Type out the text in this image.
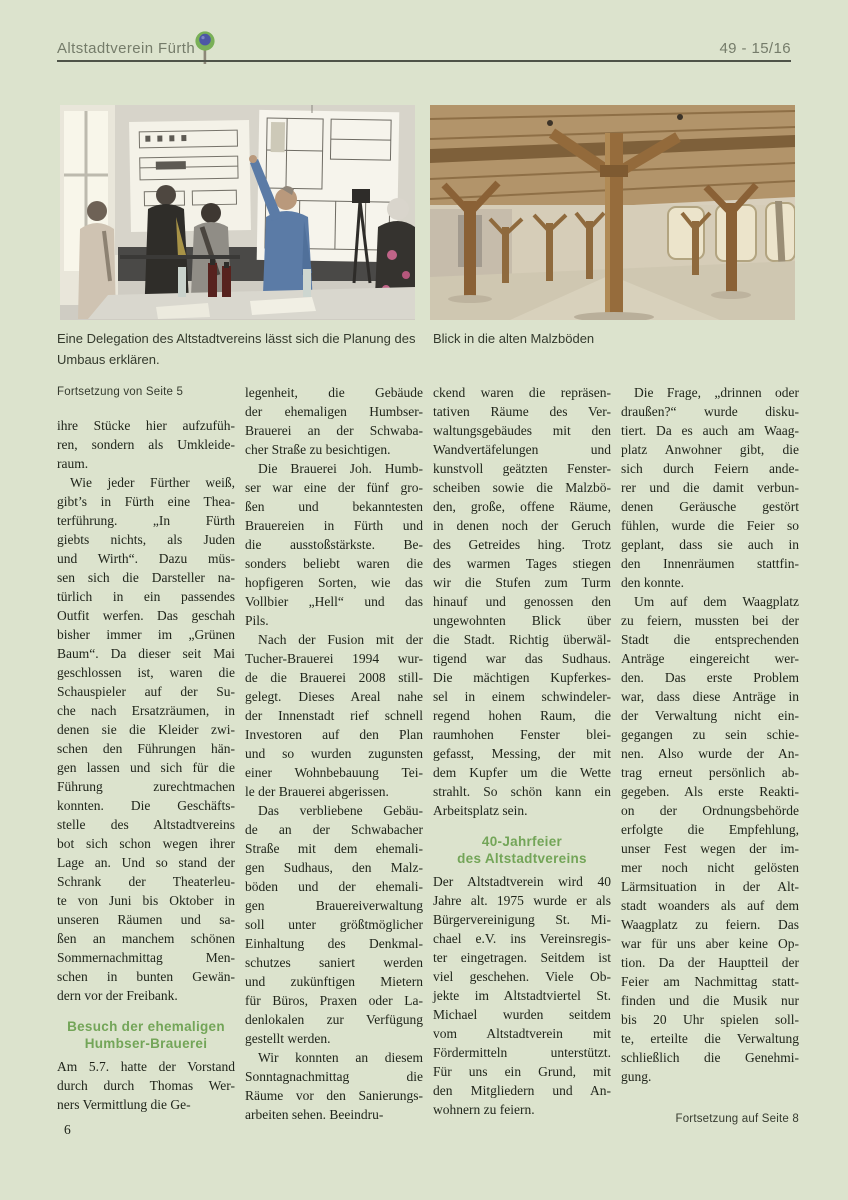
Altstadtverein Fürth	49 - 15/16
Eine Delegation des Altstadtvereins lässt sich die Planung des Umbaus erklären.
Blick in die alten Malzböden
Fortsetzung von Seite 5
ihre Stücke hier aufzufüh-
ren, sondern als Umkleide-
raum.
Wie jeder Fürther weiß,
gibt’s in Fürth eine Thea-
terführung. „In Fürth
giebts nichts, als Juden
und Wirth“. Dazu müs-
sen sich die Darsteller na-
türlich in ein passendes
Outfit werfen. Das geschah
bisher immer im „Grünen
Baum“. Da dieser seit Mai
geschlossen ist, waren die
Schauspieler auf der Su-
che nach Ersatzräumen, in
denen sie die Kleider zwi-
schen den Führungen hän-
gen lassen und sich für die
Führung zurechtmachen
konnten. Die Geschäfts-
stelle des Altstadtvereins
bot sich schon wegen ihrer
Lage an. Und so stand der
Schrank der Theaterleu-
te von Juni bis Oktober in
unseren Räumen und sa-
ßen an manchem schönen
Sommernachmittag Men-
schen in bunten Gewän-
dern vor der Freibank.
Besuch der ehemaligen
Humbser-Brauerei
Am 5.7. hatte der Vorstand
durch durch Thomas Wer-
ners Vermittlung die Ge-
legenheit, die Gebäude
der ehemaligen Humbser-
Brauerei an der Schwaba-
cher Straße zu besichtigen.
Die Brauerei Joh. Humb-
ser war eine der fünf gro-
ßen und bekanntesten
Brauereien in Fürth und
die ausstoßstärkste. Be-
sonders beliebt waren die
hopfigeren Sorten, wie das
Vollbier „Hell“ und das
Pils.
Nach der Fusion mit der
Tucher-Brauerei 1994 wur-
de die Brauerei 2008 still-
gelegt. Dieses Areal nahe
der Innenstadt rief schnell
Investoren auf den Plan
und so wurden zugunsten
einer Wohnbebauung Tei-
le der Brauerei abgerissen.
Das verbliebene Gebäu-
de an der Schwabacher
Straße mit dem ehemali-
gen Sudhaus, den Malz-
böden und der ehemali-
gen Brauereiverwaltung
soll unter größtmöglicher
Einhaltung des Denkmal-
schutzes saniert werden
und zukünftigen Mietern
für Büros, Praxen oder La-
denlokalen zur Verfügung
gestellt werden.
Wir konnten an diesem
Sonntagnachmittag die
Räume vor den Sanierungs-
arbeiten sehen. Beeindru-
ckend waren die repräsen-
tativen Räume des Ver-
waltungsgebäudes mit den
Wandvertäfelungen und
kunstvoll geätzten Fenster-
scheiben sowie die Malzbö-
den, große, offene Räume,
in denen noch der Geruch
des Getreides hing. Trotz
des warmen Tages stiegen
wir die Stufen zum Turm
hinauf und genossen den
ungewohnten Blick über
die Stadt. Richtig überwäl-
tigend war das Sudhaus.
Die mächtigen Kupferkes-
sel in einem schwindeler-
regend hohen Raum, die
raumhohen Fenster blei-
gefasst, Messing, der mit
dem Kupfer um die Wette
strahlt. So schön kann ein
Arbeitsplatz sein.
40-Jahrfeier
des Altstadtvereins
Der Altstadtverein wird 40
Jahre alt. 1975 wurde er als
Bürgervereinigung St. Mi-
chael e.V. ins Vereinsregis-
ter eingetragen. Seitdem ist
viel geschehen. Viele Ob-
jekte im Altstadtviertel St.
Michael wurden seitdem
vom Altstadtverein mit
Fördermitteln unterstützt.
Für uns ein Grund, mit
den Mitgliedern und An-
wohnern zu feiern.
Die Frage, „drinnen oder
draußen?“ wurde disku-
tiert. Da es auch am Waag-
platz Anwohner gibt, die
sich durch Feiern ande-
rer und die damit verbun-
denen Geräusche gestört
fühlen, wurde die Feier so
geplant, dass sie auch in
den Innenräumen stattfin-
den konnte.
Um auf dem Waagplatz
zu feiern, mussten bei der
Stadt die entsprechenden
Anträge eingereicht wer-
den. Das erste Problem
war, dass diese Anträge in
der Verwaltung nicht ein-
gegangen zu sein schie-
nen. Also wurde der An-
trag erneut persönlich ab-
gegeben. Als erste Reakti-
on der Ordnungsbehörde
erfolgte die Empfehlung,
unser Fest wegen der im-
mer noch nicht gelösten
Lärmsituation in der Alt-
stadt woanders als auf dem
Waagplatz zu feiern. Das
war für uns aber keine Op-
tion. Da der Hauptteil der
Feier am Nachmittag statt-
finden und die Musik nur
bis 20 Uhr spielen soll-
te, erteilte die Verwaltung
schließlich die Genehmi-
gung.
Fortsetzung auf Seite 8
6
